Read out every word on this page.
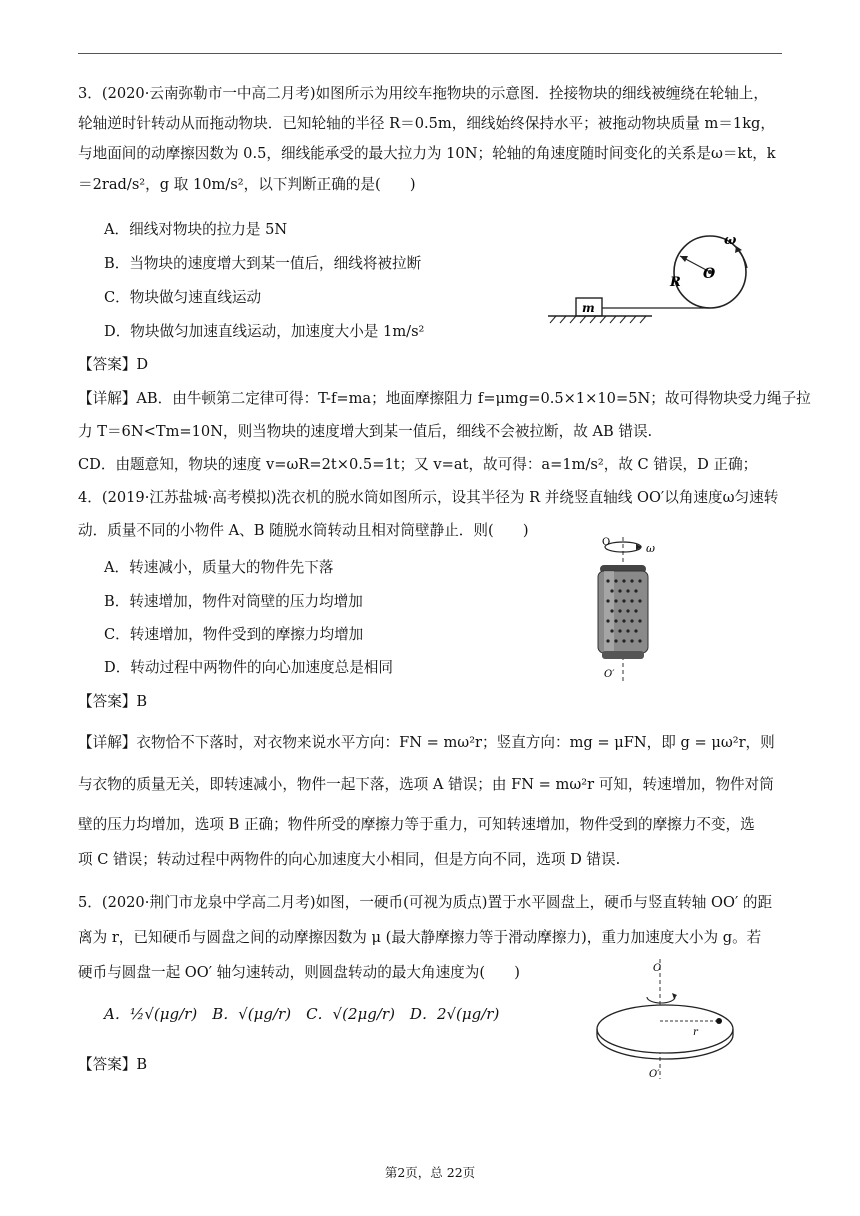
3．(2020·云南弥勒市一中高二月考)如图所示为用绞车拖物块的示意图．拴接物块的细线被缠绕在轮轴上，
轮轴逆时针转动从而拖动物块．已知轮轴的半径 R＝0.5m，细线始终保持水平；被拖动物块质量 m＝1kg，
与地面间的动摩擦因数为 0.5，细线能承受的最大拉力为 10N；轮轴的角速度随时间变化的关系是ω＝kt，k
＝2rad/s²，g 取 10m/s²，以下判断正确的是(　　)
A．细线对物块的拉力是 5N
B．当物块的速度增大到某一值后，细线将被拉断
C．物块做匀速直线运动
D．物块做匀加速直线运动，加速度大小是 1m/s²
【答案】D
【详解】AB．由牛顿第二定律可得：T-f=ma；地面摩擦阻力 f=μmg=0.5×1×10=5N；故可得物块受力绳子拉
力 T＝6N<Tm=10N，则当物块的速度增大到某一值后，细线不会被拉断，故 AB 错误.
CD．由题意知，物块的速度 v=ωR=2t×0.5=1t；又 v=at，故可得：a=1m/s²，故 C 错误，D 正确；
ω
O
R
m
4．(2019·江苏盐城·高考模拟)洗衣机的脱水筒如图所示，设其半径为 R 并绕竖直轴线 OO′以角速度ω匀速转
动．质量不同的小物件 A、B 随脱水筒转动且相对筒壁静止．则(　　)
A．转速减小，质量大的物件先下落
B．转速增加，物件对筒壁的压力均增加
C．转速增加，物件受到的摩擦力均增加
D．转动过程中两物件的向心加速度总是相同
【答案】B
【详解】衣物恰不下落时，对衣物来说水平方向：FN = mω²r；竖直方向：mg = μFN，即 g = μω²r，则
与衣物的质量无关，即转速减小，物件一起下落，选项 A 错误；由 FN = mω²r 可知，转速增加，物件对筒
壁的压力均增加，选项 B 正确；物件所受的摩擦力等于重力，可知转速增加，物件受到的摩擦力不变，选
项 C 错误；转动过程中两物件的向心加速度大小相同，但是方向不同，选项 D 错误.
ω
O
O′
5．(2020·荆门市龙泉中学高二月考)如图，一硬币(可视为质点)置于水平圆盘上，硬币与竖直转轴 OO′ 的距
离为 r，已知硬币与圆盘之间的动摩擦因数为 μ (最大静摩擦力等于滑动摩擦力)，重力加速度大小为 g。若
硬币与圆盘一起 OO′ 轴匀速转动，则圆盘转动的最大角速度为(　　)
A．½√(μg/r)　B．√(μg/r)　C．√(2μg/r)　D．2√(μg/r)
【答案】B
O
r
O′
第2页，总 22页
